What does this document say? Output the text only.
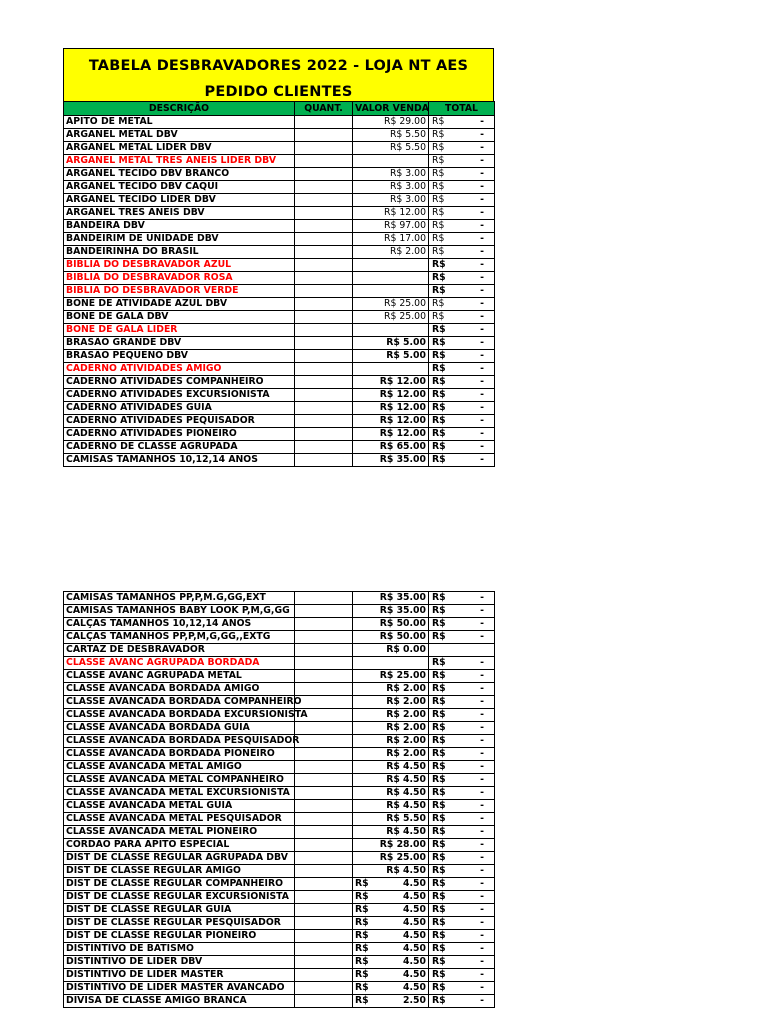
TABELA DESBRAVADORES 2022 - LOJA NT AES
PEDIDO CLIENTES
DESCRIÇÃO	QUANT.	VALOR VENDA	TOTAL
APITO DE METAL		R$ 29.00	R$ -

ARGANEL METAL DBV		R$ 5.50	R$ -

ARGANEL METAL LIDER DBV		R$ 5.50	R$ -

ARGANEL METAL TRES ANEIS LIDER DBV			R$ -

ARGANEL TECIDO DBV BRANCO		R$ 3.00	R$ -

ARGANEL TECIDO DBV CAQUI		R$ 3.00	R$ -

ARGANEL TECIDO LIDER DBV		R$ 3.00	R$ -

ARGANEL TRES ANEIS DBV		R$ 12.00	R$ -

BANDEIRA DBV		R$ 97.00	R$ -

BANDEIRIM DE UNIDADE DBV		R$ 17.00	R$ -

BANDEIRINHA DO BRASIL		R$ 2.00	R$ -

BIBLIA DO DESBRAVADOR AZUL			R$ -

BIBLIA DO DESBRAVADOR ROSA			R$ -

BIBLIA DO DESBRAVADOR VERDE			R$ -

BONE DE ATIVIDADE AZUL DBV		R$ 25.00	R$ -

BONE DE GALA DBV		R$ 25.00	R$ -

BONE DE GALA LIDER			R$ -

BRASÃO GRANDE DBV		R$ 5.00	R$ -

BRASÃO PEQUENO DBV		R$ 5.00	R$ -

CADERNO ATIVIDADES AMIGO			R$ -

CADERNO ATIVIDADES COMPANHEIRO		R$ 12.00	R$ -

CADERNO ATIVIDADES EXCURSIONISTA		R$ 12.00	R$ -

CADERNO ATIVIDADES GUIA		R$ 12.00	R$ -

CADERNO ATIVIDADES PEQUISADOR		R$ 12.00	R$ -

CADERNO ATIVIDADES PIONEIRO		R$ 12.00	R$ -

CADERNO DE CLASSE AGRUPADA		R$ 65.00	R$ -

CAMISAS TAMANHOS 10,12,14 ANOS		R$ 35.00	R$ -
CAMISAS TAMANHOS PP,P,M.G,GG,EXT		R$ 35.00	R$ -

CAMISAS TAMANHOS BABY LOOK P,M,G,GG		R$ 35.00	R$ -

CALÇAS TAMANHOS 10,12,14 ANOS		R$ 50.00	R$ -

CALÇAS TAMANHOS PP,P,M,G,GG,,EXTG		R$ 50.00	R$ -

CARTAZ DE DESBRAVADOR		R$ 0.00	

CLASSE AVANC AGRUPADA BORDADA			R$ -

CLASSE AVANC AGRUPADA METAL		R$ 25.00	R$ -

CLASSE AVANCADA BORDADA AMIGO		R$ 2.00	R$ -

CLASSE AVANCADA BORDADA COMPANHEIRO		R$ 2.00	R$ -

CLASSE AVANCADA BORDADA EXCURSIONISTA		R$ 2.00	R$ -

CLASSE AVANCADA BORDADA GUIA		R$ 2.00	R$ -

CLASSE AVANCADA BORDADA PESQUISADOR		R$ 2.00	R$ -

CLASSE AVANCADA BORDADA PIONEIRO		R$ 2.00	R$ -

CLASSE AVANCADA METAL AMIGO		R$ 4.50	R$ -

CLASSE AVANCADA METAL COMPANHEIRO		R$ 4.50	R$ -

CLASSE AVANCADA METAL EXCURSIONISTA		R$ 4.50	R$ -

CLASSE AVANCADA METAL GUIA		R$ 4.50	R$ -

CLASSE AVANCADA METAL PESQUISADOR		R$ 5.50	R$ -

CLASSE AVANCADA METAL PIONEIRO		R$ 4.50	R$ -

CORDAO PARA APITO ESPECIAL		R$ 28.00	R$ -

DIST DE CLASSE REGULAR AGRUPADA DBV		R$ 25.00	R$ -

DIST DE CLASSE REGULAR AMIGO		R$ 4.50	R$ -

DIST DE CLASSE REGULAR COMPANHEIRO		R$ 4.50	R$ -

DIST DE CLASSE REGULAR EXCURSIONISTA		R$ 4.50	R$ -

DIST DE CLASSE REGULAR GUIA		R$ 4.50	R$ -

DIST DE CLASSE REGULAR PESQUISADOR		R$ 4.50	R$ -

DIST DE CLASSE REGULAR PIONEIRO		R$ 4.50	R$ -

DISTINTIVO DE BATISMO		R$ 4.50	R$ -

DISTINTIVO DE LIDER DBV		R$ 4.50	R$ -

DISTINTIVO DE LIDER MASTER		R$ 4.50	R$ -

DISTINTIVO DE LIDER MASTER AVANCADO		R$ 4.50	R$ -

DIVISA DE CLASSE AMIGO BRANCA		R$ 2.50	R$ -
